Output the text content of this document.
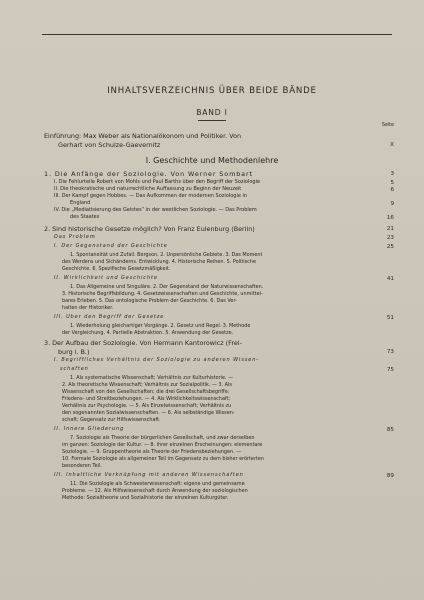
INHALTSVERZEICHNIS ÜBER BEIDE BÄNDE
BAND I
Seite
Einführung: Max Weber als Nationalökonom und Politiker. Von
Gerhart von Schulze-Gaevernitz	X
I. Geschichte und Methodenlehre
1. Die Anfänge der Soziologie. Von Werner Sombart	3
I. Die Fehlurteile Robert von Mohls und Paul Barths über den Begriff der Soziologie	5
II. Die theokratische und naturrechtliche Auffassung zu Beginn der Neuzeit	6
III. Der Kampf gegen Hobbes. — Das Aufkommen der modernen Soziologie in
England	9
IV. Die „Mediatisierung des Geistes“ in der westlichen Soziologie. — Das Problem
des Staates	16
2. Sind historische Gesetze möglich? Von Franz Eulenburg (Berlin)	21
Das Problem	23
I. Der Gegenstand der Geschichte	25
1. Spontaneität und Zufall. Bergson. 2. Unpersönliche Gebiete. 3. Das Moment
des Werdens und Sichänderns. Entwicklung. 4. Historische Reihen. 5. Politische
Geschichte. 6. Spezifische Gesetzmäßigkeit.
II. Wirklichkeit und Geschichte	41
1. Das Allgemeine und Singuläre. 2. Der Gegenstand der Naturwissenschaften.
3. Historische Begriffsbildung. 4. Gesetzwissenschaften und Geschichte, unmittel-
bares Erleben. 5. Das ontologische Problem der Geschichte. 6. Das Ver-
halten der Historiker.
III. Über den Begriff der Gesetze	51
1. Wiederholung gleichartiger Vorgänge. 2. Gesetz und Regel. 3. Methode
der Vergleichung. 4. Partielle Abstraktion. 5. Anwendung der Gesetze.
3. Der Aufbau der Soziologie. Von Hermann Kantorowicz (Frei-
burg i. B.)	73
I. Begriffliches Verhältnis der Soziologie zu anderen Wissen-
schaften	75
1. Als systematische Wissenschaft; Verhältnis zur Kulturhistorie. —
2. Als theoretische Wissenschaft; Verhältnis zur Sozialpolitik. — 3. Als
Wissenschaft von den Gesellschaften; die drei Gesellschaftsbegriffe:
Friedens- und Streitbeziehungen. — 4. Als Wirklichkeitswissenschaft;
Verhältnis zur Psychologie. — 5. Als Einzelwissenschaft; Verhältnis zu
den sogenannten Sozialwissenschaften. — 6. Als selbständige Wissen-
schaft; Gegensatz zur Hilfswissenschaft.
II. Innere Gliederung	85
7. Soziologie als Theorie der bürgerlichen Gesellschaft, und zwar derselben
im ganzen: Soziologie der Kultur. — 8. ihrer einzelnen Erscheinungen: elementare
Soziologie. — 9. Gruppentheorie als Theorie der Friedensbeziehungen. —
10. Formale Soziologie als allgemeiner Teil im Gegensatz zu dem bisher erörterten
besonderen Teil.
III. Inhaltliche Verknüpfung mit anderen Wissenschaften	89
11. Die Soziologie als Schwesterwissenschaft: eigene und gemeinsame
Probleme. — 12. Als Hilfswissenschaft durch Anwendung der soziologischen
Methode: Sozialtheorie und Sozialhistorie der einzelnen Kulturgüter.
